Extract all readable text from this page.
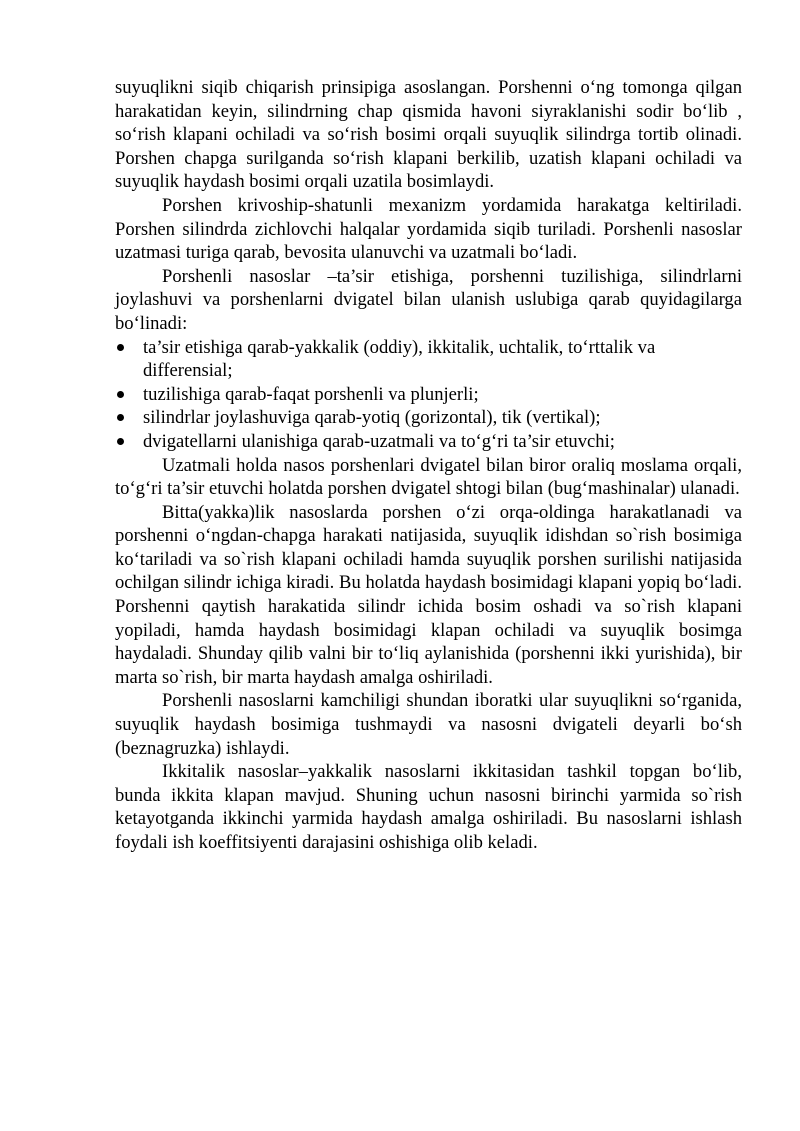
suyuqlikni siqib chiqarish prinsipiga asoslangan. Porshenni o‘ng tomonga qilgan harakatidan keyin, silindrning chap qismida havoni siyraklanishi sodir bo‘lib , so‘rish klapani ochiladi va so‘rish bosimi orqali suyuqlik silindrga tortib olinadi. Porshen chapga surilganda so‘rish klapani berkilib, uzatish klapani ochiladi va suyuqlik haydash bosimi orqali uzatila bosimlaydi.

Porshen krivoship-shatunli mexanizm yordamida harakatga keltiriladi. Porshen silindrda zichlovchi halqalar yordamida siqib turiladi. Porshenli nasoslar uzatmasi turiga qarab, bevosita ulanuvchi va uzatmali bo‘ladi.

Porshenli nasoslar –ta’sir etishiga, porshenni tuzilishiga, silindrlarni joylashuvi va porshenlarni dvigatel bilan ulanish uslubiga qarab quyidagilarga bo‘linadi:

ta’sir etishiga qarab-yakkalik (oddiy), ikkitalik, uchtalik, to‘rttalik va differensial;
tuzilishiga qarab-faqat porshenli va plunjerli;
silindrlar joylashuviga qarab-yotiq (gorizontal), tik (vertikal);
dvigatellarni ulanishiga qarab-uzatmali va to‘g‘ri ta’sir etuvchi;

Uzatmali holda nasos porshenlari dvigatel bilan biror oraliq moslama orqali, to‘g‘ri ta’sir etuvchi holatda porshen dvigatel shtogi bilan (bug‘mashinalar) ulanadi.

Bitta(yakka)lik nasoslarda porshen o‘zi orqa-oldinga harakatlanadi va porshenni o‘ngdan-chapga harakati natijasida, suyuqlik idishdan so`rish bosimiga ko‘tariladi va so`rish klapani ochiladi hamda suyuqlik porshen surilishi natijasida ochilgan silindr ichiga kiradi. Bu holatda haydash bosimidagi klapani yopiq bo‘ladi. Porshenni qaytish harakatida silindr ichida bosim oshadi va so`rish klapani yopiladi, hamda haydash bosimidagi klapan ochiladi va suyuqlik bosimga haydaladi. Shunday qilib valni bir to‘liq aylanishida (porshenni ikki yurishida), bir marta so`rish, bir marta haydash amalga oshiriladi.

Porshenli nasoslarni kamchiligi shundan iboratki ular suyuqlikni so‘rganida, suyuqlik haydash bosimiga tushmaydi va nasosni dvigateli deyarli bo‘sh (beznagruzka) ishlaydi.

Ikkitalik nasoslar–yakkalik nasoslarni ikkitasidan tashkil topgan bo‘lib, bunda ikkita klapan mavjud. Shuning uchun nasosni birinchi yarmida so`rish ketayotganda ikkinchi yarmida haydash amalga oshiriladi. Bu nasoslarni ishlash foydali ish koeffitsiyenti darajasini oshishiga olib keladi.
